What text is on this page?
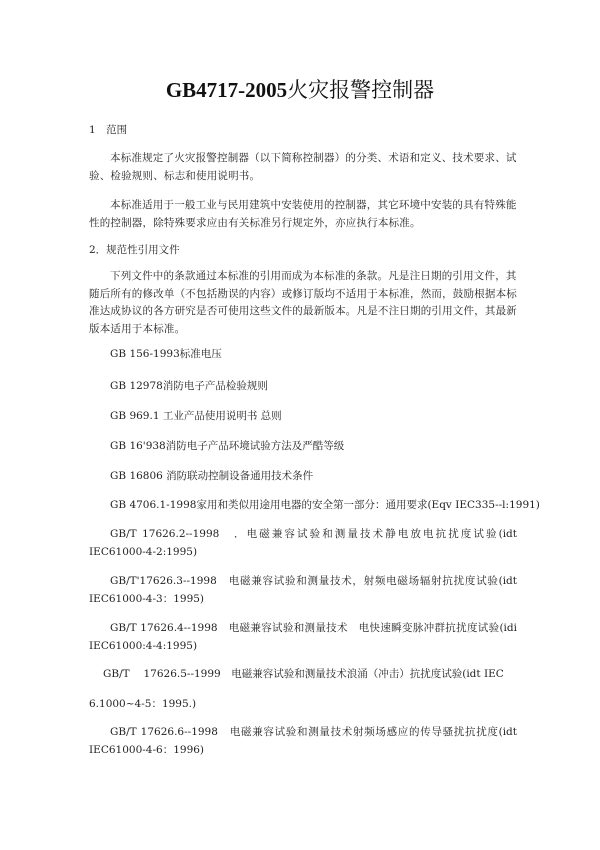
GB4717-2005火灾报警控制器
1　范围
本标准规定了火灾报警控制器（以下简称控制器）的分类、术语和定义、技术要求、试验、检验规则、标志和使用说明书。
本标准适用于一般工业与民用建筑中安装使用的控制器，其它环境中安装的具有特殊能性的控制器，除特殊要求应由有关标准另行规定外，亦应执行本标准。
2．规范性引用文件
下列文件中的条款通过本标准的引用而成为本标准的条款。凡是注日期的引用文件，其随后所有的修改单（不包括勘误的内容）或修订版均不适用于本标准，然而，鼓励根据本标准达成协议的各方研究是否可使用这些文件的最新版本。凡是不注日期的引用文件，其最新版本适用于本标准。
GB 156-1993标准电压
GB 12978消防电子产品检验规则
GB 969.1 工业产品使用说明书 总则
GB 16'938消防电子产品环境试验方法及严酷等级
GB 16806 消防联动控制设备通用技术条件
GB 4706.1-1998家用和类似用途用电器的安全第一部分：通用要求(Eqv IEC335--l:1991)
GB/T 17626.2--1998　．电磁兼容试验和测量技术静电放电抗扰度试验(idt
IEC61000-4-2:1995)
GB/T'17626.3--1998　电磁兼容试验和测量技术，射频电磁场辐射抗扰度试验(idt
IEC61000-4-3：1995)
GB/T 17626.4--1998　电磁兼容试验和测量技术　电快速瞬变脉冲群抗扰度试验(idi
IEC61000:4-4:1995)
GB/T　 17626.5--1999　电磁兼容试验和测量技术浪涌（冲击）抗扰度试验(idt IEC
6.1000~4-5：1995.)
GB/T 17626.6--1998　电磁兼容试验和测量技术射频场感应的传导骚扰抗扰度(idt
IEC61000-4-6：1996)
